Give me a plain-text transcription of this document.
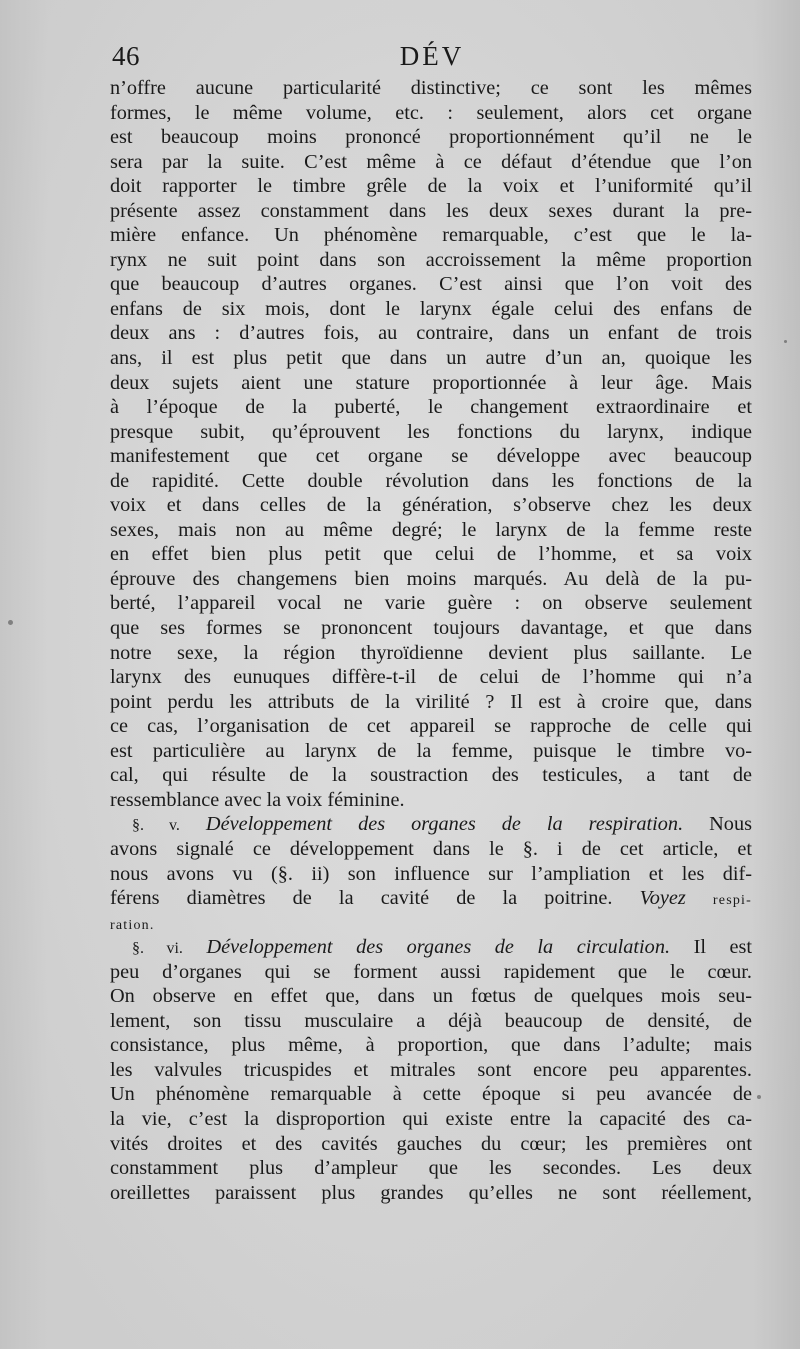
46	DÉV
n’offre aucune particularité distinctive; ce sont les mêmes
formes, le même volume, etc. : seulement, alors cet organe
est beaucoup moins prononcé proportionnément qu’il ne le
sera par la suite. C’est même à ce défaut d’étendue que l’on
doit rapporter le timbre grêle de la voix et l’uniformité qu’il
présente assez constamment dans les deux sexes durant la pre-
mière enfance. Un phénomène remarquable, c’est que le la-
rynx ne suit point dans son accroissement la même proportion
que beaucoup d’autres organes. C’est ainsi que l’on voit des
enfans de six mois, dont le larynx égale celui des enfans de
deux ans : d’autres fois, au contraire, dans un enfant de trois
ans, il est plus petit que dans un autre d’un an, quoique les
deux sujets aient une stature proportionnée à leur âge. Mais
à l’époque de la puberté, le changement extraordinaire et
presque subit, qu’éprouvent les fonctions du larynx, indique
manifestement que cet organe se développe avec beaucoup
de rapidité. Cette double révolution dans les fonctions de la
voix et dans celles de la génération, s’observe chez les deux
sexes, mais non au même degré; le larynx de la femme reste
en effet bien plus petit que celui de l’homme, et sa voix
éprouve des changemens bien moins marqués. Au delà de la pu-
berté, l’appareil vocal ne varie guère : on observe seulement
que ses formes se prononcent toujours davantage, et que dans
notre sexe, la région thyroïdienne devient plus saillante. Le
larynx des eunuques diffère-t-il de celui de l’homme qui n’a
point perdu les attributs de la virilité ? Il est à croire que, dans
ce cas, l’organisation de cet appareil se rapproche de celle qui
est particulière au larynx de la femme, puisque le timbre vo-
cal, qui résulte de la soustraction des testicules, a tant de
ressemblance avec la voix féminine.
§. v. Développement des organes de la respiration. Nous
avons signalé ce développement dans le §. i de cet article, et
nous avons vu (§. ii) son influence sur l’ampliation et les dif-
férens diamètres de la cavité de la poitrine. Voyez respi-
ration.
§. vi. Développement des organes de la circulation. Il est
peu d’organes qui se forment aussi rapidement que le cœur.
On observe en effet que, dans un fœtus de quelques mois seu-
lement, son tissu musculaire a déjà beaucoup de densité, de
consistance, plus même, à proportion, que dans l’adulte; mais
les valvules tricuspides et mitrales sont encore peu apparentes.
Un phénomène remarquable à cette époque si peu avancée de
la vie, c’est la disproportion qui existe entre la capacité des ca-
vités droites et des cavités gauches du cœur; les premières ont
constamment plus d’ampleur que les secondes. Les deux
oreillettes paraissent plus grandes qu’elles ne sont réellement,
